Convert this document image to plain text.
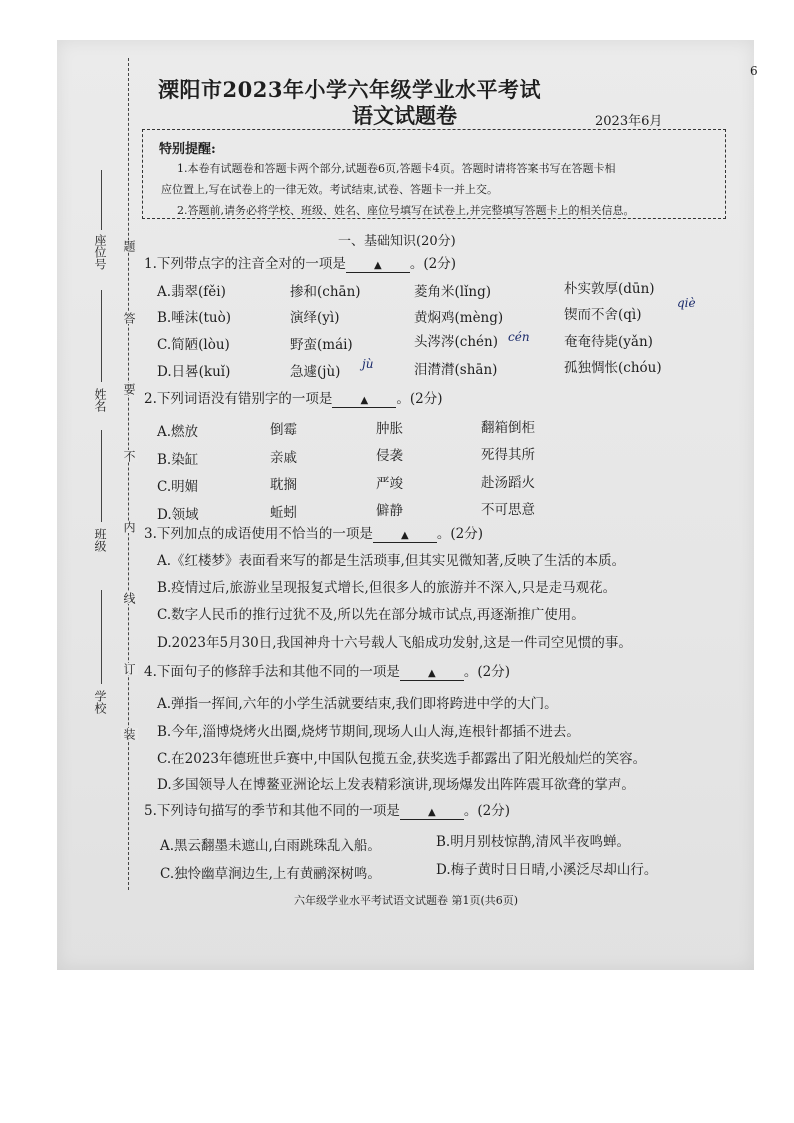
溧阳市2023年小学六年级学业水平考试
语文试题卷	2023年6月
6
特别提醒:
1.本卷有试题卷和答题卡两个部分,试题卷6页,答题卡4页。答题时请将答案书写在答题卡相
应位置上,写在试卷上的一律无效。考试结束,试卷、答题卡一并上交。
2.答题前,请务必将学校、班级、姓名、座位号填写在试卷上,并完整填写答题卡上的相关信息。
一、基础知识(20分)
座位号
姓名
班级
学校
题
答
要
不
内
线
订
装
1.下列带点字的注音全对的一项是	▲ 。(2分)
A.翡翠(fěi)	掺和(chān)	菱角米(lǐng)	朴实敦厚(dūn)
B.唾沫(tuò)	演绎(yì)	黄焖鸡(mèng)	锲而不舍(qì)
qiè
C.简陋(lòu)	野蛮(mái)	头涔涔(chén)	奄奄待毙(yǎn)
cén
D.日晷(kuǐ)	急遽(jù)	泪潸潸(shān)	孤独惆怅(chóu)
jù
2.下列词语没有错别字的一项是	▲ 。(2分)
A.燃放	倒霉	肿胀	翻箱倒柜
B.染缸	亲戚	侵袭	死得其所
C.明媚	耽搁	严竣	赴汤蹈火
D.领域	蚯蚓	僻静	不可思意
3.下列加点的成语使用不恰当的一项是	▲ 。(2分)
A.《红楼梦》表面看来写的都是生活琐事,但其实见微知著,反映了生活的本质。
B.疫情过后,旅游业呈现报复式增长,但很多人的旅游并不深入,只是走马观花。
C.数字人民币的推行过犹不及,所以先在部分城市试点,再逐渐推广使用。
D.2023年5月30日,我国神舟十六号载人飞船成功发射,这是一件司空见惯的事。
4.下面句子的修辞手法和其他不同的一项是	▲ 。(2分)
A.弹指一挥间,六年的小学生活就要结束,我们即将跨进中学的大门。
B.今年,淄博烧烤火出圈,烧烤节期间,现场人山人海,连根针都插不进去。
C.在2023年德班世乒赛中,中国队包揽五金,获奖选手都露出了阳光般灿烂的笑容。
D.多国领导人在博鳌亚洲论坛上发表精彩演讲,现场爆发出阵阵震耳欲聋的掌声。
5.下列诗句描写的季节和其他不同的一项是	▲ 。(2分)
A.黑云翻墨未遮山,白雨跳珠乱入船。	B.明月别枝惊鹊,清风半夜鸣蝉。
C.独怜幽草涧边生,上有黄鹂深树鸣。	D.梅子黄时日日晴,小溪泛尽却山行。
六年级学业水平考试语文试题卷 第1页(共6页)
